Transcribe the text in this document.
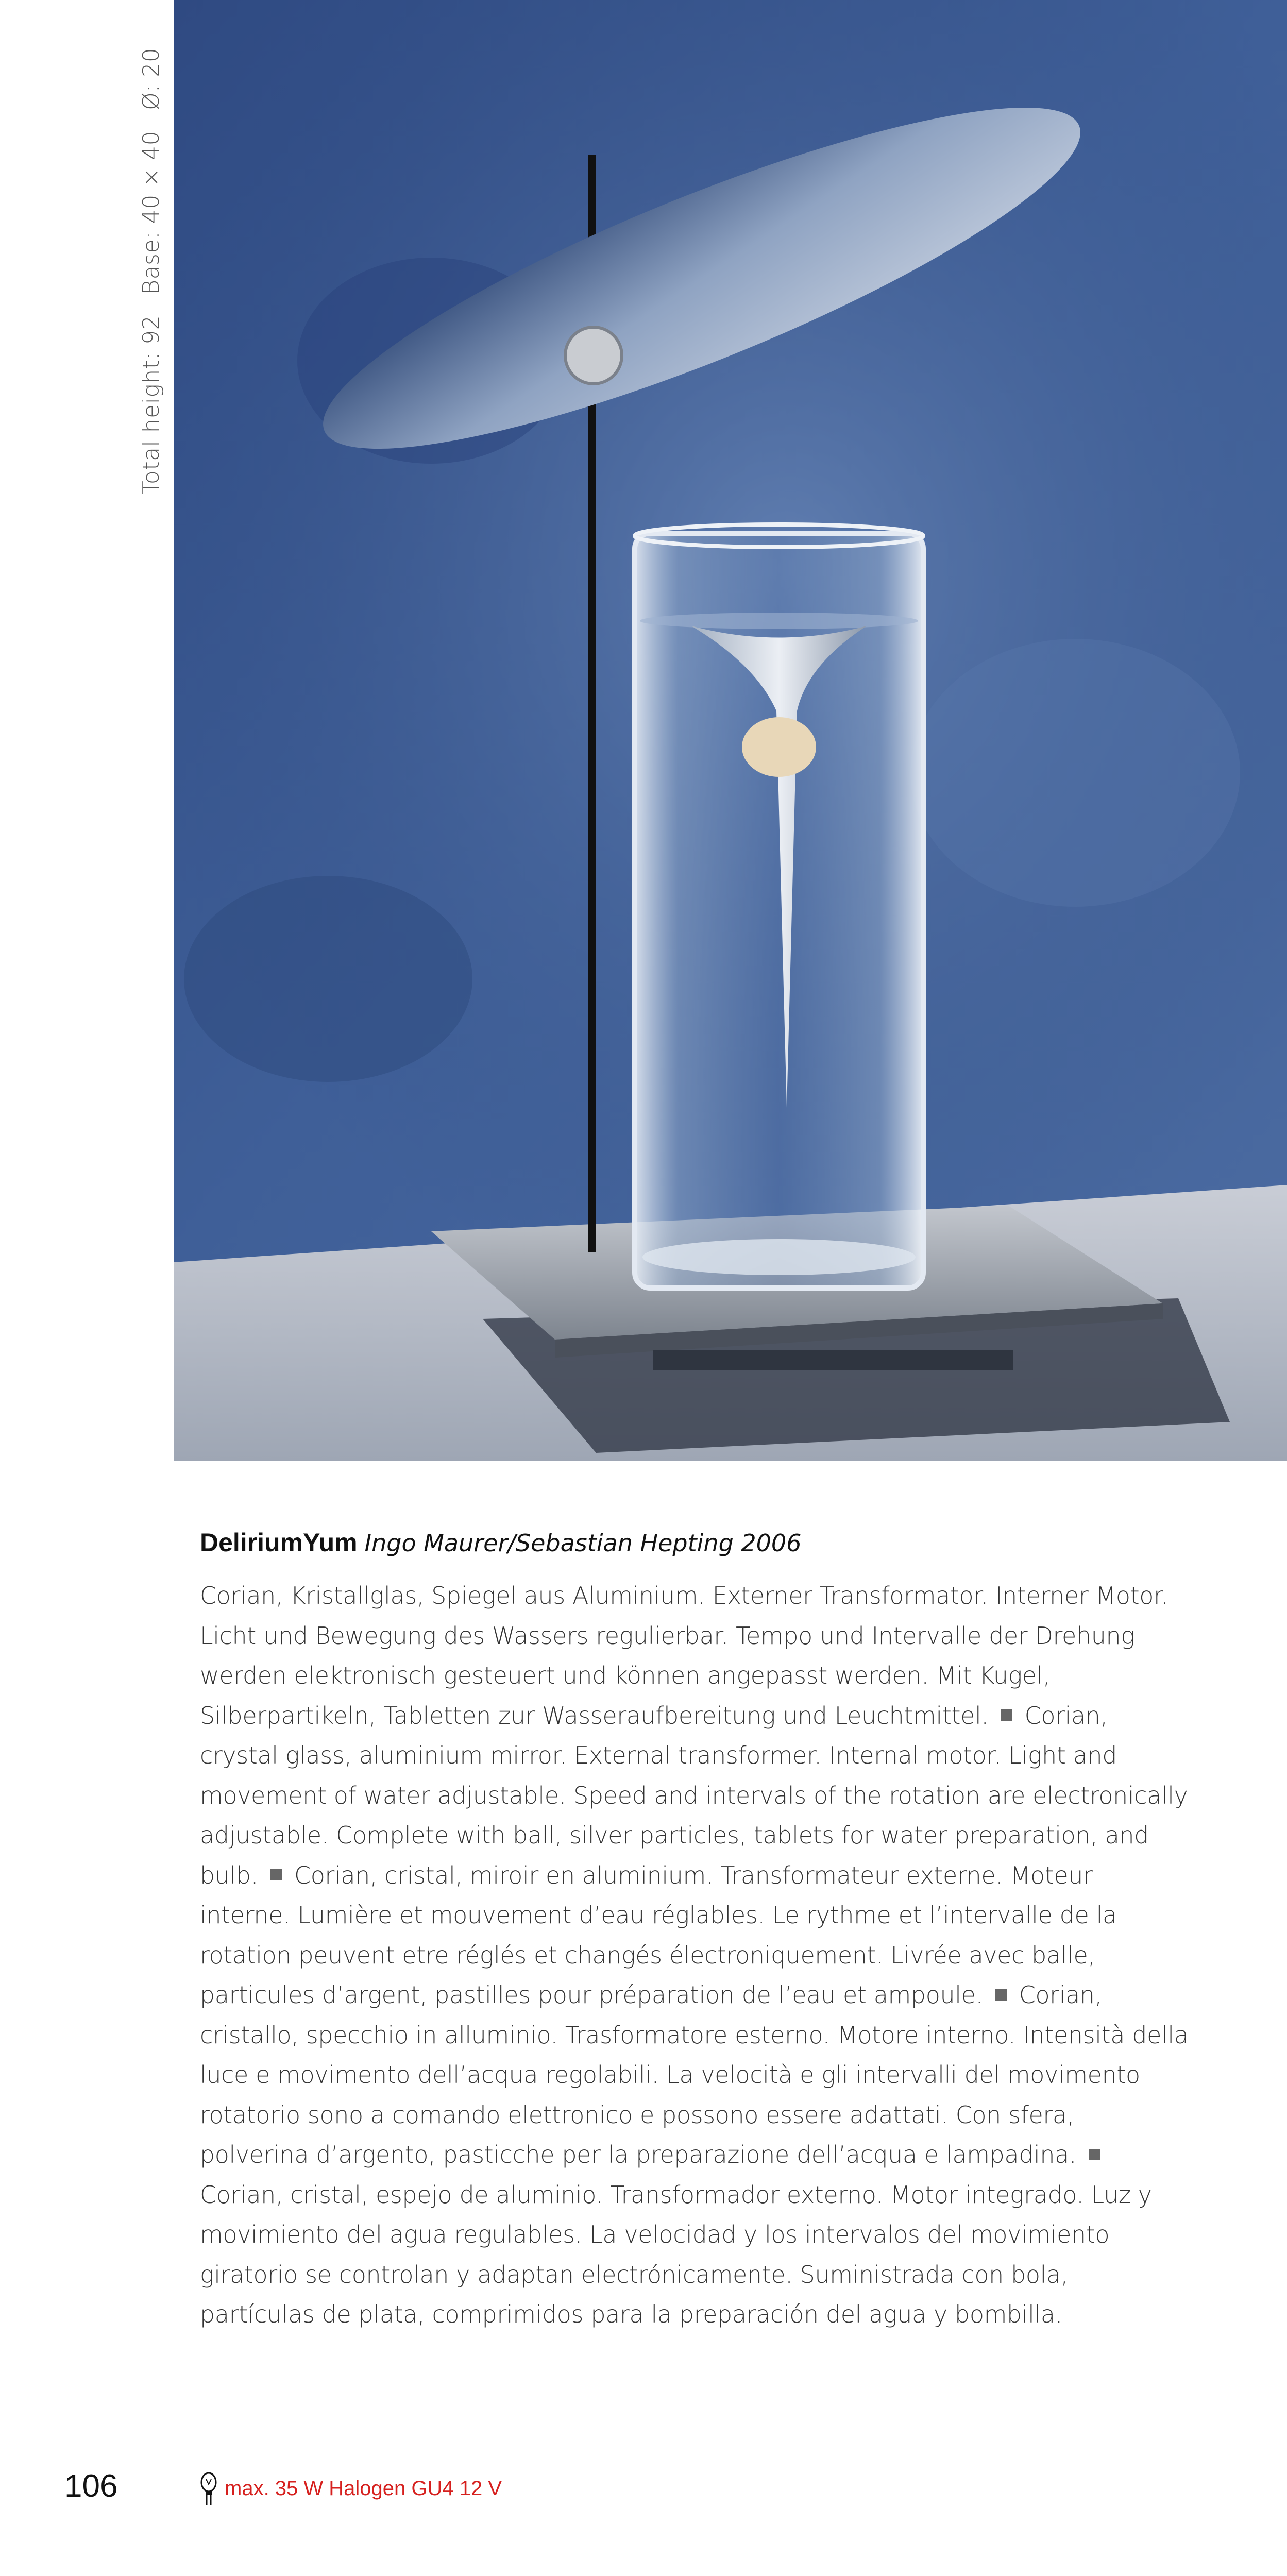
Total height: 92Base: 40 × 40Ø: 20
DeliriumYum Ingo Maurer/Sebastian Hepting 2006
Corian, Kristallglas, Spiegel aus Aluminium. Externer Transformator. Interner Motor. Licht und Bewegung des Wassers regulierbar. Tempo und Intervalle der Drehung werden elektronisch gesteuert und können angepasst werden. Mit Kugel, Silberpartikeln, Tabletten zur Wasseraufbereitung und Leuchtmittel. Corian, crystal glass, aluminium mirror. External transformer. Internal motor. Light and movement of water adjustable. Speed and intervals of the rotation are electronically adjustable. Complete with ball, silver particles, tablets for water preparation, and bulb. Corian, cristal, miroir en aluminium. Transformateur externe. Moteur interne. Lumière et mouvement d’eau réglables. Le rythme et l’intervalle de la rotation peuvent etre réglés et changés électroniquement. Livrée avec balle, particules d’argent, pastilles pour préparation de l’eau et ampoule. Corian, cristallo, specchio in alluminio. Trasformatore esterno. Motore interno. Intensità della luce e movimento dell’acqua regolabili. La velocità e gli intervalli del movimento rotatorio sono a comando elettronico e possono essere adattati. Con sfera, polverina d’argento, pasticche per la preparazione dell’acqua e lampadina.Corian, cristal, espejo de aluminio. Transformador externo. Motor integrado. Luz y movimiento del agua regulables. La velocidad y los intervalos del movimiento giratorio se controlan y adaptan electrónicamente. Suministrada con bola, partículas de plata, comprimidos para la preparación del agua y bombilla.
106	max. 35 W Halogen GU4 12 V
